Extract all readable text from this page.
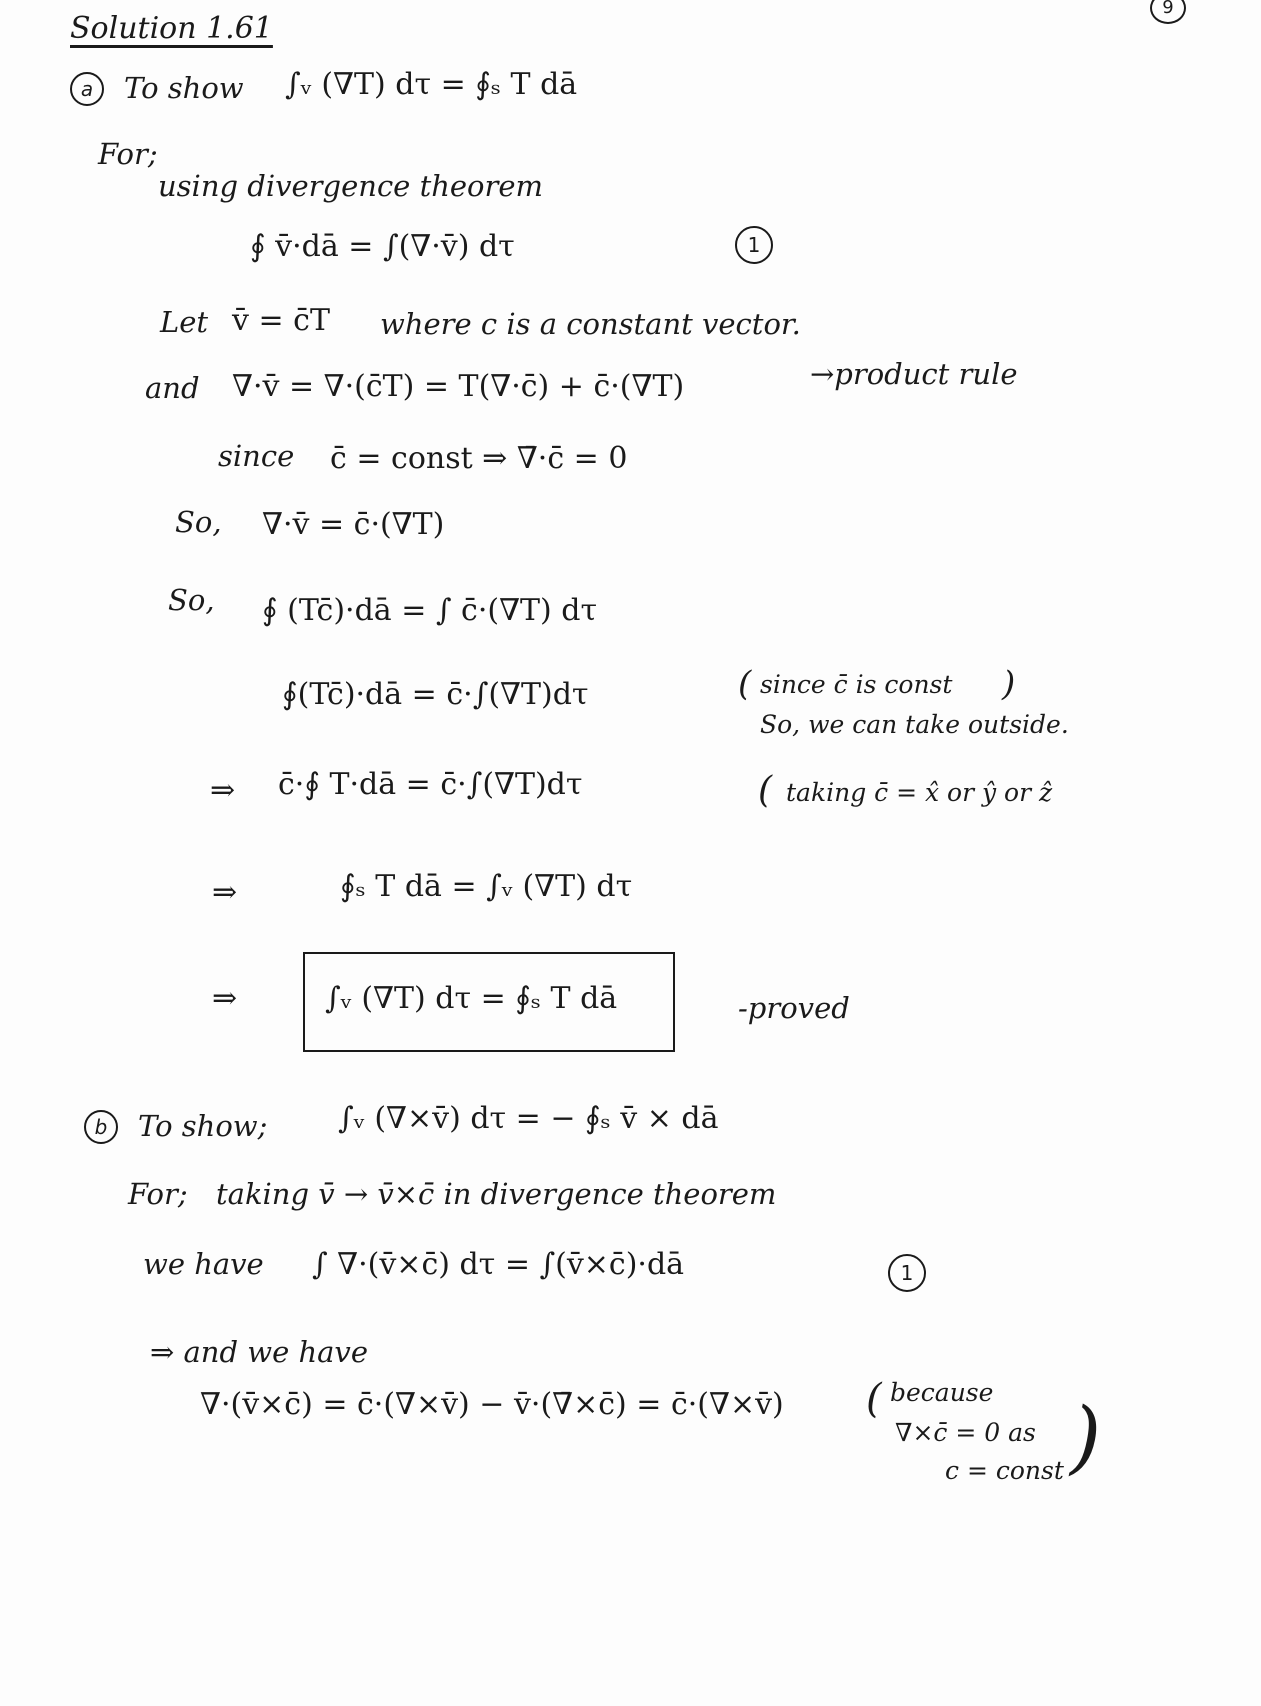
9
Solution 1.61
a	To show ∫ᵥ (∇T) dτ = ∮ₛ T dā
For;
using divergence theorem
∮ v̄·dā = ∫(∇·v̄) dτ	1
Let v̄ = c̄T where c is a constant vector.
and ∇·v̄ = ∇·(c̄T) = T(∇·c̄) + c̄·(∇T)	→product rule
since c̄ = const ⇒ ∇̄·c̄ = 0
So, ∇·v̄ = c̄·(∇T)
So, ∮ (Tc̄)·dā = ∫ c̄·(∇T) dτ
∮(Tc̄)·dā = c̄·∫(∇T)dτ	( since c̄ is const )
So, we can take outside.
⇒ c̄·∮ T·dā = c̄·∫(∇T)dτ	( taking c̄ = x̂ or ŷ or ẑ
⇒	∮ₛ T dā = ∫ᵥ (∇T) dτ
⇒	∫ᵥ (∇T) dτ = ∮ₛ T dā	-proved
b	To show; ∫ᵥ (∇×v̄) dτ = − ∮ₛ v̄ × dā
For; taking v̄ → v̄×c̄ in divergence theorem
we have ∫ ∇·(v̄×c̄) dτ = ∫(v̄×c̄)·dā	1
⇒ and we have
∇·(v̄×c̄) = c̄·(∇×v̄) − v̄·(∇̄×c̄) = c̄·(∇×v̄) ( because
∇×c̄ = 0 as
c = const )
